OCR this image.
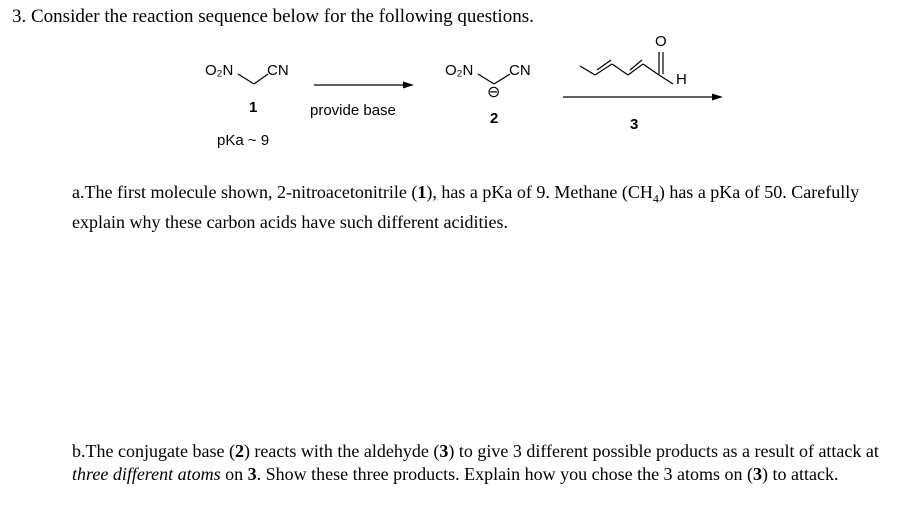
3. Consider the reaction sequence below for the following questions.
O₂N CN
1
pKa ~ 9
provide base
O₂N CN
⊖
2
O
H
3
a.The first molecule shown, 2-nitroacetonitrile (1), has a pKa of 9. Methane $(CH_4)$ has a pKa of 50. Carefully explain why these carbon acids have such different acidities.
b.The conjugate base (2) reacts with the aldehyde (3) to give 3 different possible products as a result of attack at three different atoms on 3. Show these three products. Explain how you chose the 3 atoms on (3) to attack.
